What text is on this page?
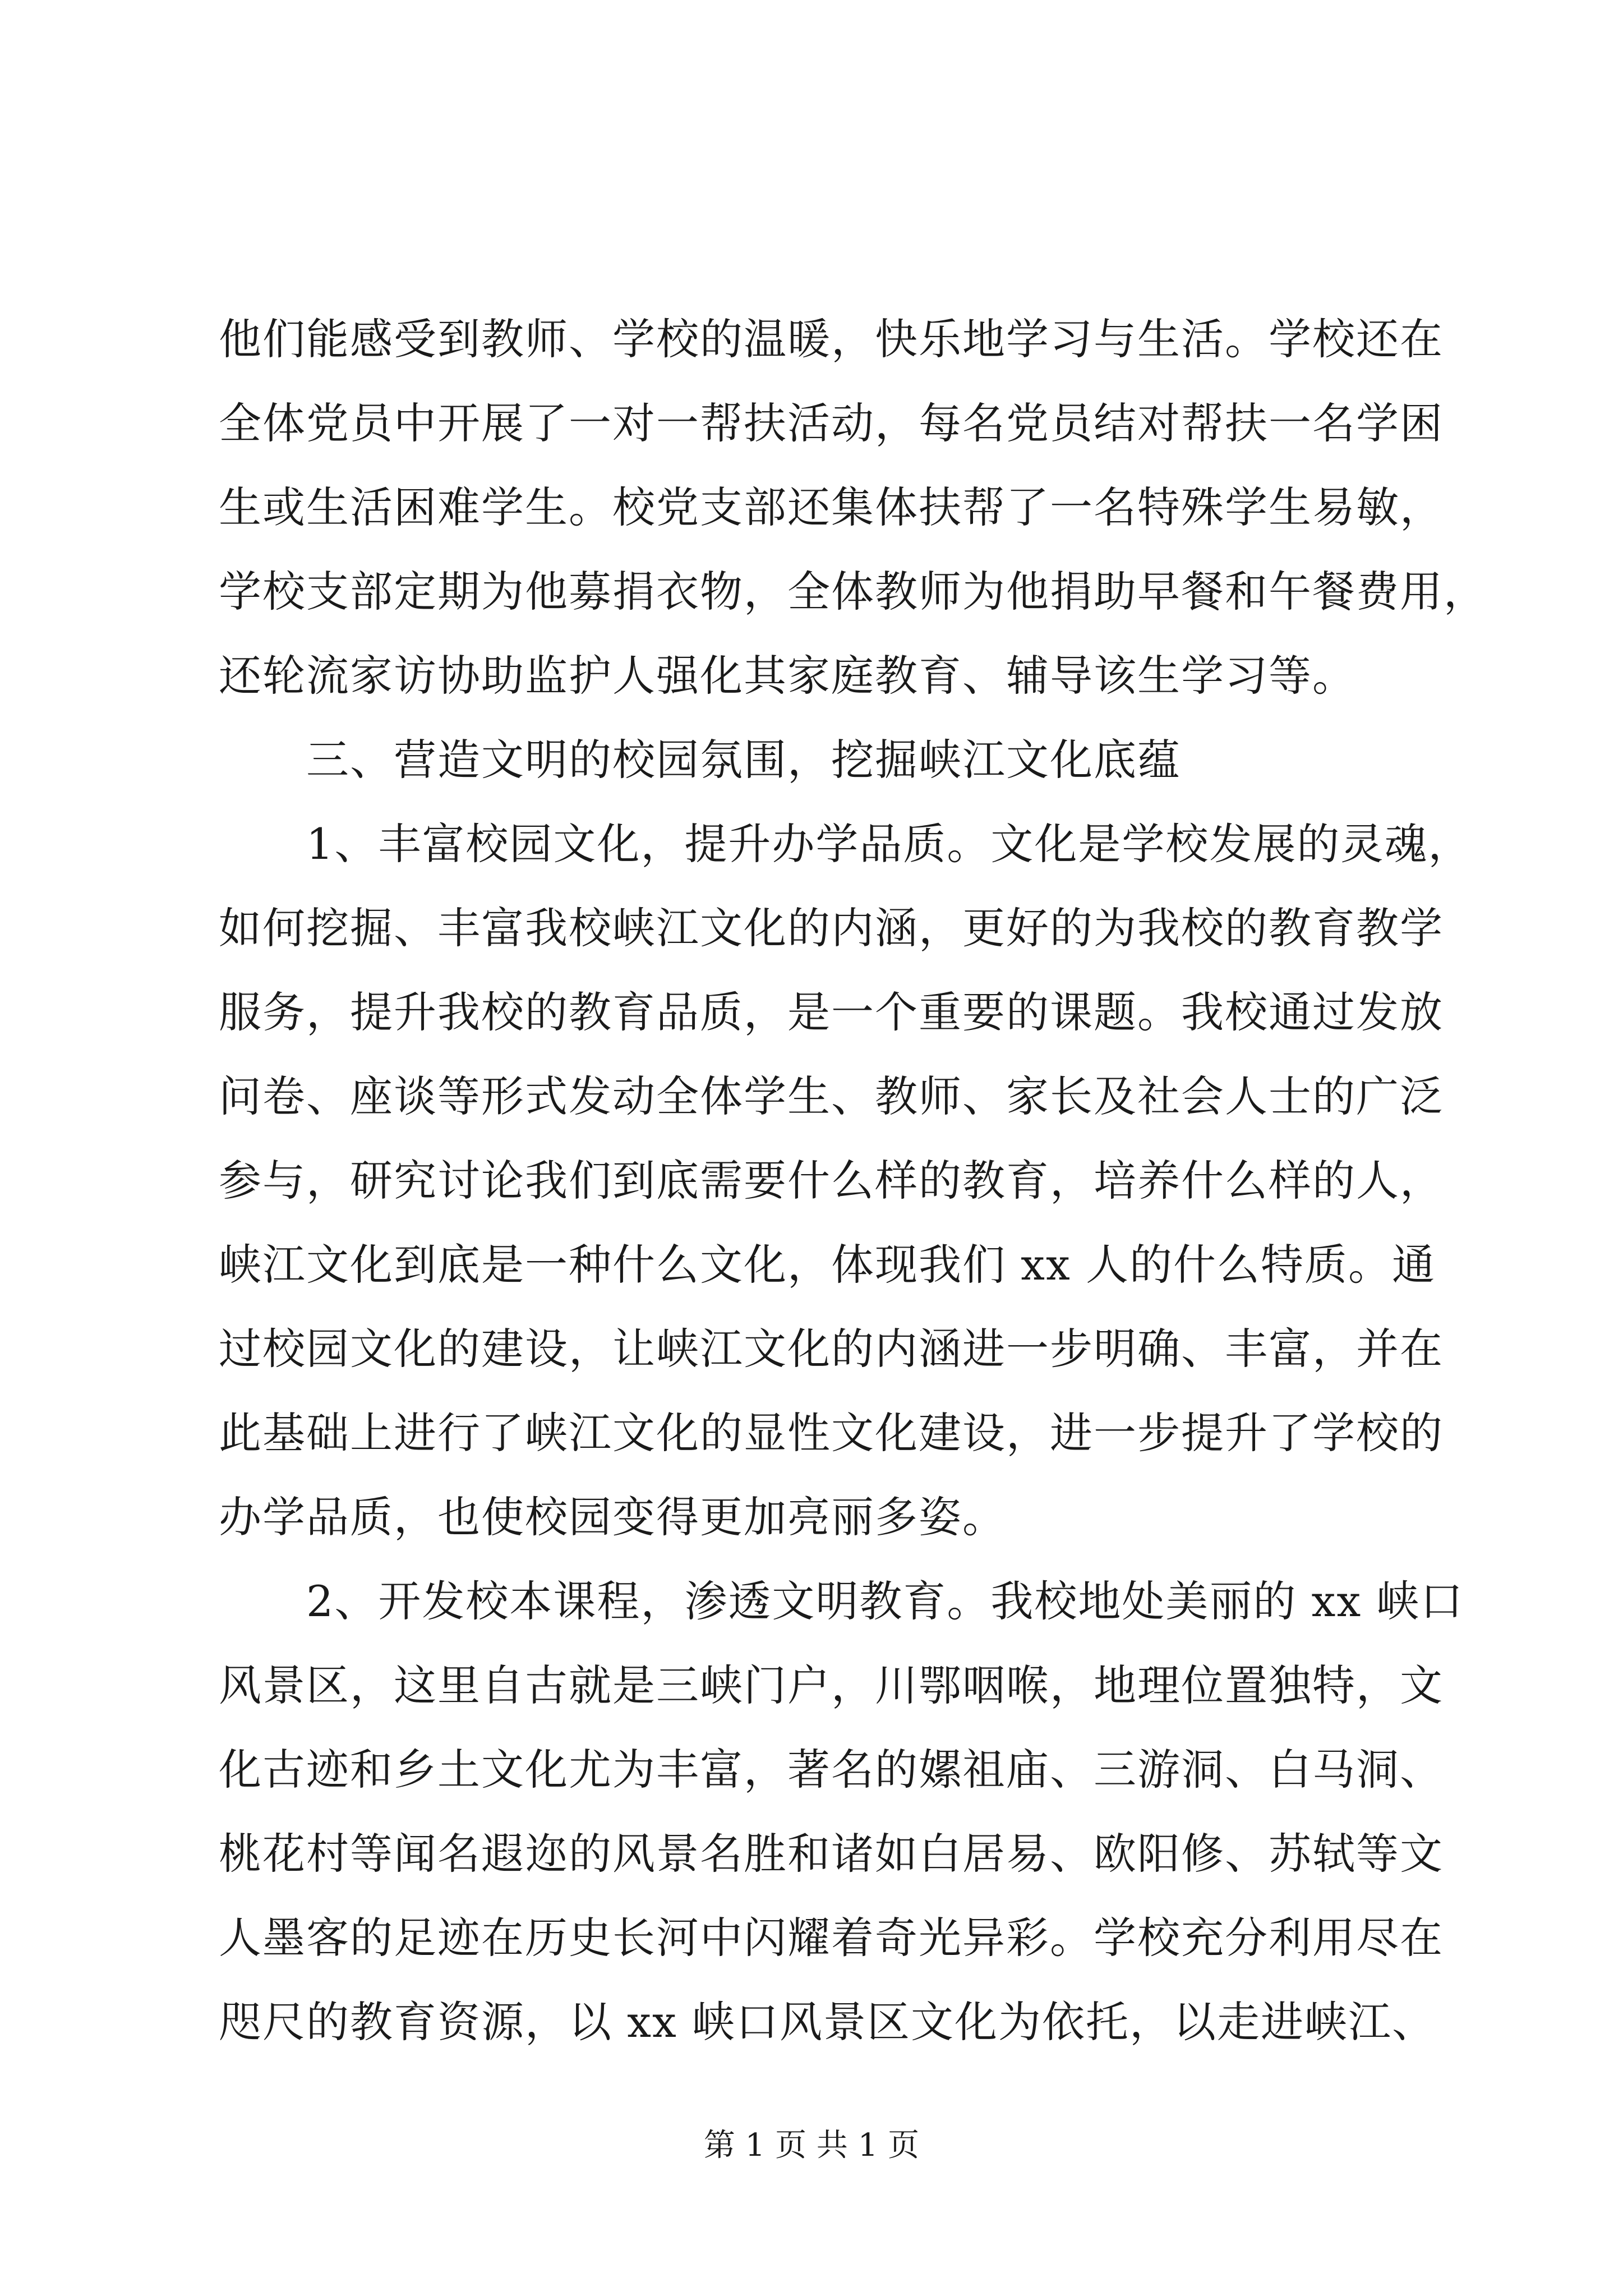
他们能感受到教师、学校的温暖，快乐地学习与生活。学校还在
全体党员中开展了一对一帮扶活动，每名党员结对帮扶一名学困
生或生活困难学生。校党支部还集体扶帮了一名特殊学生易敏，
学校支部定期为他募捐衣物，全体教师为他捐助早餐和午餐费用，
还轮流家访协助监护人强化其家庭教育、辅导该生学习等。
三、营造文明的校园氛围，挖掘峡江文化底蕴
1、丰富校园文化，提升办学品质。文化是学校发展的灵魂，
如何挖掘、丰富我校峡江文化的内涵，更好的为我校的教育教学
服务，提升我校的教育品质，是一个重要的课题。我校通过发放
问卷、座谈等形式发动全体学生、教师、家长及社会人士的广泛
参与，研究讨论我们到底需要什么样的教育，培养什么样的人，
峡江文化到底是一种什么文化，体现我们 xx 人的什么特质。通
过校园文化的建设，让峡江文化的内涵进一步明确、丰富，并在
此基础上进行了峡江文化的显性文化建设，进一步提升了学校的
办学品质，也使校园变得更加亮丽多姿。
2、开发校本课程，渗透文明教育。我校地处美丽的 xx 峡口
风景区，这里自古就是三峡门户，川鄂咽喉，地理位置独特，文
化古迹和乡土文化尤为丰富，著名的嫘祖庙、三游洞、白马洞、
桃花村等闻名遐迩的风景名胜和诸如白居易、欧阳修、苏轼等文
人墨客的足迹在历史长河中闪耀着奇光异彩。学校充分利用尽在
咫尺的教育资源，以 xx 峡口风景区文化为依托，以走进峡江、
第 1 页 共 1 页
